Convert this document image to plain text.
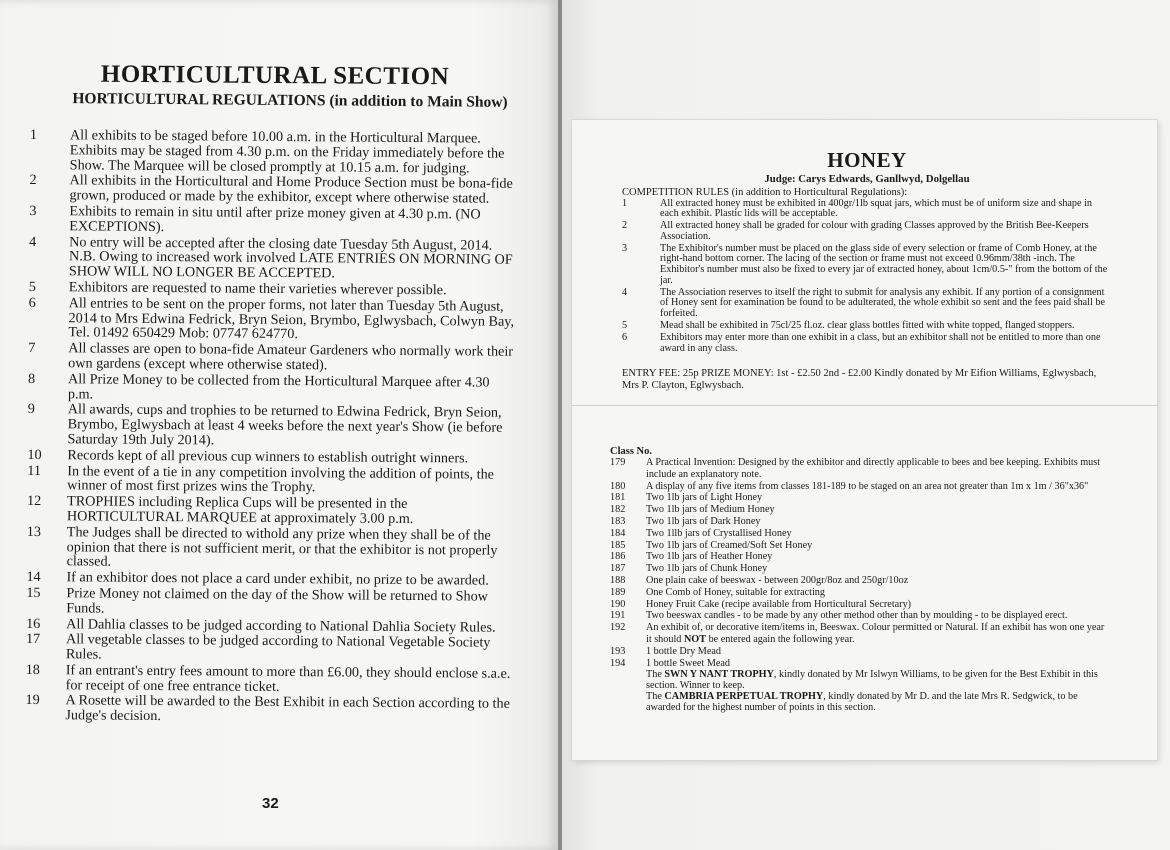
HORTICULTURAL SECTION
HORTICULTURAL REGULATIONS (in addition to Main Show)
1	All exhibits to be staged before 10.00 a.m. in the Horticultural Marquee. Exhibits may be staged from 4.30 p.m. on the Friday immediately before the Show. The Marquee will be closed promptly at 10.15 a.m. for judging.
2	All exhibits in the Horticultural and Home Produce Section must be bona-fide grown, produced or made by the exhibitor, except where otherwise stated.
3	Exhibits to remain in situ until after prize money given at 4.30 p.m. (NO EXCEPTIONS).
4	No entry will be accepted after the closing date Tuesday 5th August, 2014. N.B. Owing to increased work involved LATE ENTRIES ON MORNING OF SHOW WILL NO LONGER BE ACCEPTED.
5	Exhibitors are requested to name their varieties wherever possible.
6	All entries to be sent on the proper forms, not later than Tuesday 5th August, 2014 to Mrs Edwina Fedrick, Bryn Seion, Brymbo, Eglwysbach, Colwyn Bay, Tel. 01492 650429 Mob: 07747 624770.
7	All classes are open to bona-fide Amateur Gardeners who normally work their own gardens (except where otherwise stated).
8	All Prize Money to be collected from the Horticultural Marquee after 4.30 p.m.
9	All awards, cups and trophies to be returned to Edwina Fedrick, Bryn Seion, Brymbo, Eglwysbach at least 4 weeks before the next year's Show (ie before Saturday 19th July 2014).
10	Records kept of all previous cup winners to establish outright winners.
11	In the event of a tie in any competition involving the addition of points, the winner of most first prizes wins the Trophy.
12	TROPHIES including Replica Cups will be presented in the HORTICULTURAL MARQUEE at approximately 3.00 p.m.
13	The Judges shall be directed to withold any prize when they shall be of the opinion that there is not sufficient merit, or that the exhibitor is not properly classed.
14	If an exhibitor does not place a card under exhibit, no prize to be awarded.
15	Prize Money not claimed on the day of the Show will be returned to Show Funds.
16	All Dahlia classes to be judged according to National Dahlia Society Rules.
17	All vegetable classes to be judged according to National Vegetable Society Rules.
18	If an entrant's entry fees amount to more than £6.00, they should enclose s.a.e. for receipt of one free entrance ticket.
19	A Rosette will be awarded to the Best Exhibit in each Section according to the Judge's decision.
32
HONEY
Judge: Carys Edwards, Ganllwyd, Dolgellau
COMPETITION RULES (in addition to Horticultural Regulations):
1	All extracted honey must be exhibited in 400gr/1lb squat jars, which must be of uniform size and shape in each exhibit. Plastic lids will be acceptable.
2	All extracted honey shall be graded for colour with grading Classes approved by the British Bee-Keepers Association.
3	The Exhibitor's number must be placed on the glass side of every selection or frame of Comb Honey, at the right-hand bottom corner. The lacing of the section or frame must not exceed 0.96mm/38th -inch. The Exhibitor's number must also be fixed to every jar of extracted honey, about 1cm/0.5-" from the bottom of the jar.
4	The Association reserves to itself the right to submit for analysis any exhibit. If any portion of a consignment of Honey sent for examination be found to be adulterated, the whole exhibit so sent and the fees paid shall be forfeited.
5	Mead shall be exhibited in 75cl/25 fl.oz. clear glass bottles fitted with white topped, flanged stoppers.
6	Exhibitors may enter more than one exhibit in a class, but an exhibitor shall not be entitled to more than one award in any class.
ENTRY FEE: 25p PRIZE MONEY: 1st - £2.50 2nd - £2.00 Kindly donated by Mr Eifion Williams, Eglwysbach, Mrs P. Clayton, Eglwysbach.
Class No.
179	A Practical Invention: Designed by the exhibitor and directly applicable to bees and bee keeping. Exhibits must include an explanatory note.
180	A display of any five items from classes 181-189 to be staged on an area not greater than 1m x 1m / 36"x36"
181	Two 1lb jars of Light Honey
182	Two 1lb jars of Medium Honey
183	Two 1lb jars of Dark Honey
184	Two 1llb jars of Crystallised Honey
185	Two 1lb jars of Creamed/Soft Set Honey
186	Two 1lb jars of Heather Honey
187	Two 1lb jars of Chunk Honey
188	One plain cake of beeswax - between 200gr/8oz and 250gr/10oz
189	One Comb of Honey, suitable for extracting
190	Honey Fruit Cake (recipe available from Horticultural Secretary)
191	Two beeswax candles - to be made by any other method other than by moulding - to be displayed erect.
192	An exhibit of, or decorative item/items in, Beeswax. Colour permitted or Natural. If an exhibit has won one year it should NOT be entered again the following year.
193	1 bottle Dry Mead
194	1 bottle Sweet Mead
The SWN Y NANT TROPHY, kindly donated by Mr Islwyn Williams, to be given for the Best Exhibit in this section. Winner to keep.
The CAMBRIA PERPETUAL TROPHY, kindly donated by Mr D. and the late Mrs R. Sedgwick, to be awarded for the highest number of points in this section.
